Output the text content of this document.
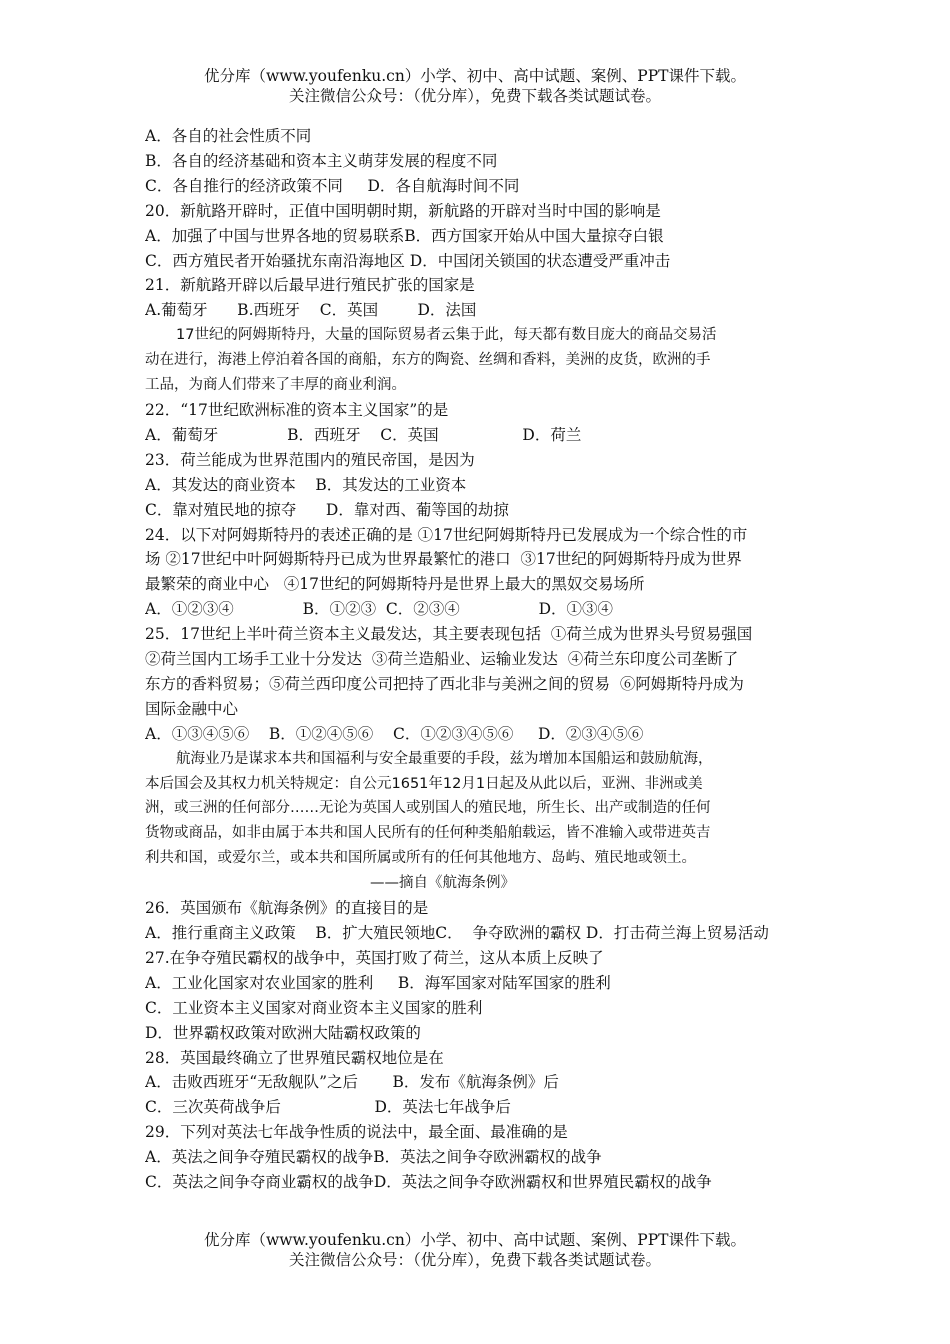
优分库（www.youfenku.cn）小学、初中、高中试题、案例、PPT课件下载。
关注微信公众号：（优分库），免费下载各类试题试卷。
A．各自的社会性质不同
B．各自的经济基础和资本主义萌芽发展的程度不同
C．各自推行的经济政策不同     D．各自航海时间不同
20．新航路开辟时，正值中国明朝时期，新航路的开辟对当时中国的影响是
A．加强了中国与世界各地的贸易联系B．西方国家开始从中国大量掠夺白银
C．西方殖民者开始骚扰东南沿海地区 D．中国闭关锁国的状态遭受严重冲击
21．新航路开辟以后最早进行殖民扩张的国家是
A.葡萄牙      B.西班牙    C．英国        D．法国
17世纪的阿姆斯特丹，大量的国际贸易者云集于此，每天都有数目庞大的商品交易活
动在进行，海港上停泊着各国的商船，东方的陶瓷、丝绸和香料，美洲的皮货，欧洲的手
工品，为商人们带来了丰厚的商业利润。
22．“17世纪欧洲标准的资本主义国家”的是
A．葡萄牙              B．西班牙    C．英国                 D．荷兰
23．荷兰能成为世界范围内的殖民帝国，是因为
A．其发达的商业资本    B．其发达的工业资本
C．靠对殖民地的掠夺      D．靠对西、葡等国的劫掠
24．以下对阿姆斯特丹的表述正确的是 ①17世纪阿姆斯特丹已发展成为一个综合性的市
场 ②17世纪中叶阿姆斯特丹已成为世界最繁忙的港口  ③17世纪的阿姆斯特丹成为世界
最繁荣的商业中心   ④17世纪的阿姆斯特丹是世界上最大的黑奴交易场所
A．①②③④              B．①②③  C．②③④                D．①③④
25．17世纪上半叶荷兰资本主义最发达，其主要表现包括  ①荷兰成为世界头号贸易强国
②荷兰国内工场手工业十分发达  ③荷兰造船业、运输业发达  ④荷兰东印度公司垄断了
东方的香料贸易；⑤荷兰西印度公司把持了西北非与美洲之间的贸易  ⑥阿姆斯特丹成为
国际金融中心
A．①③④⑤⑥    B．①②④⑤⑥    C．①②③④⑤⑥     D．②③④⑤⑥
航海业乃是谋求本共和国福利与安全最重要的手段，兹为增加本国船运和鼓励航海，
本后国会及其权力机关特规定：自公元1651年12月1日起及从此以后，亚洲、非洲或美
洲，或三洲的任何部分……无论为英国人或别国人的殖民地，所生长、出产或制造的任何
货物或商品，如非由属于本共和国人民所有的任何种类船舶载运，皆不准输入或带进英吉
利共和国，或爱尔兰，或本共和国所属或所有的任何其他地方、岛屿、殖民地或领土。
——摘自《航海条例》
26．英国颁布《航海条例》的直接目的是
A．推行重商主义政策    B．扩大殖民领地C．  争夺欧洲的霸权 D．打击荷兰海上贸易活动
27.在争夺殖民霸权的战争中，英国打败了荷兰，这从本质上反映了
A．工业化国家对农业国家的胜利     B．海军国家对陆军国家的胜利
C．工业资本主义国家对商业资本主义国家的胜利
D．世界霸权政策对欧洲大陆霸权政策的
28．英国最终确立了世界殖民霸权地位是在
A．击败西班牙“无敌舰队”之后       B．发布《航海条例》后
C．三次英荷战争后                   D．英法七年战争后
29．下列对英法七年战争性质的说法中，最全面、最准确的是
A．英法之间争夺殖民霸权的战争B．英法之间争夺欧洲霸权的战争
C．英法之间争夺商业霸权的战争D．英法之间争夺欧洲霸权和世界殖民霸权的战争
优分库（www.youfenku.cn）小学、初中、高中试题、案例、PPT课件下载。
关注微信公众号：（优分库），免费下载各类试题试卷。
